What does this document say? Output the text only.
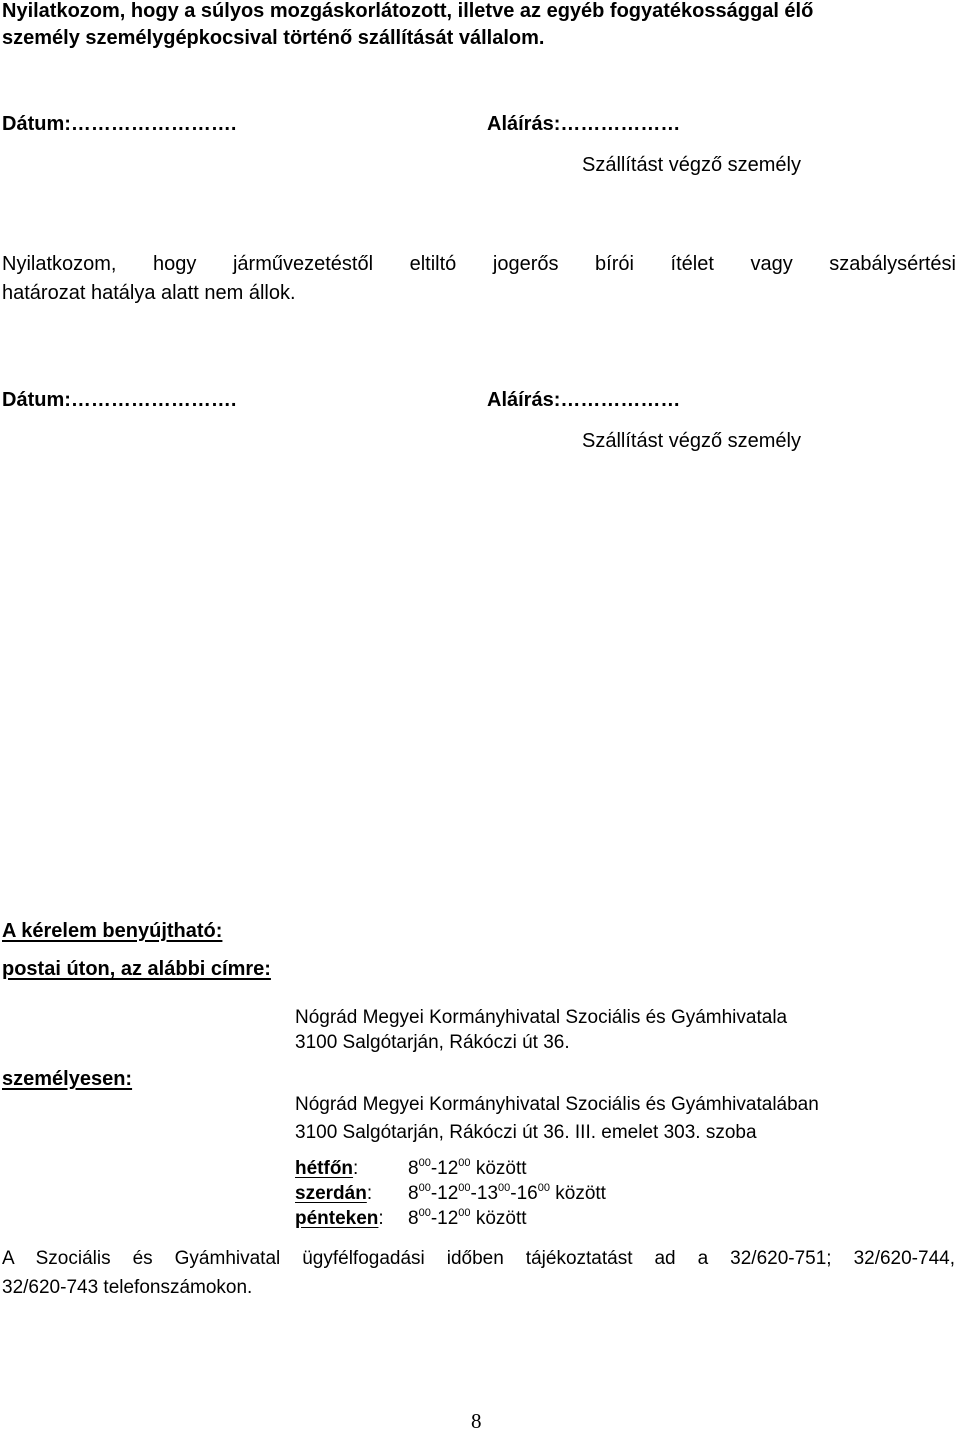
Nyilatkozom, hogy a súlyos mozgáskorlátozott, illetve az egyéb fogyatékossággal élő
személy személygépkocsival történő szállítását vállalom.
Dátum:…………………….	Aláírás:………………
Szállítást végző személy
Nyilatkozom, hogy járművezetéstől eltiltó jogerős bírói ítélet vagy szabálysértési
határozat hatálya alatt nem állok.
Dátum:…………………….	Aláírás:………………
Szállítást végző személy
A kérelem benyújtható:
postai úton, az alábbi címre:
Nógrád Megyei Kormányhivatal Szociális és Gyámhivatala
3100 Salgótarján, Rákóczi út 36.
személyesen:
Nógrád Megyei Kormányhivatal Szociális és Gyámhivatalában
3100 Salgótarján, Rákóczi út 36. III. emelet 303. szoba
hétfőn:	$8^{00}-12^{00}$ között
szerdán: $8^{00}-12^{00}-13^{00}-16^{00}$ között
pénteken: $8^{00}-12^{00}$ között
A Szociális és Gyámhivatal ügyfélfogadási időben tájékoztatást ad a 32/620-751; 32/620-744,
32/620-743 telefonszámokon.
8
